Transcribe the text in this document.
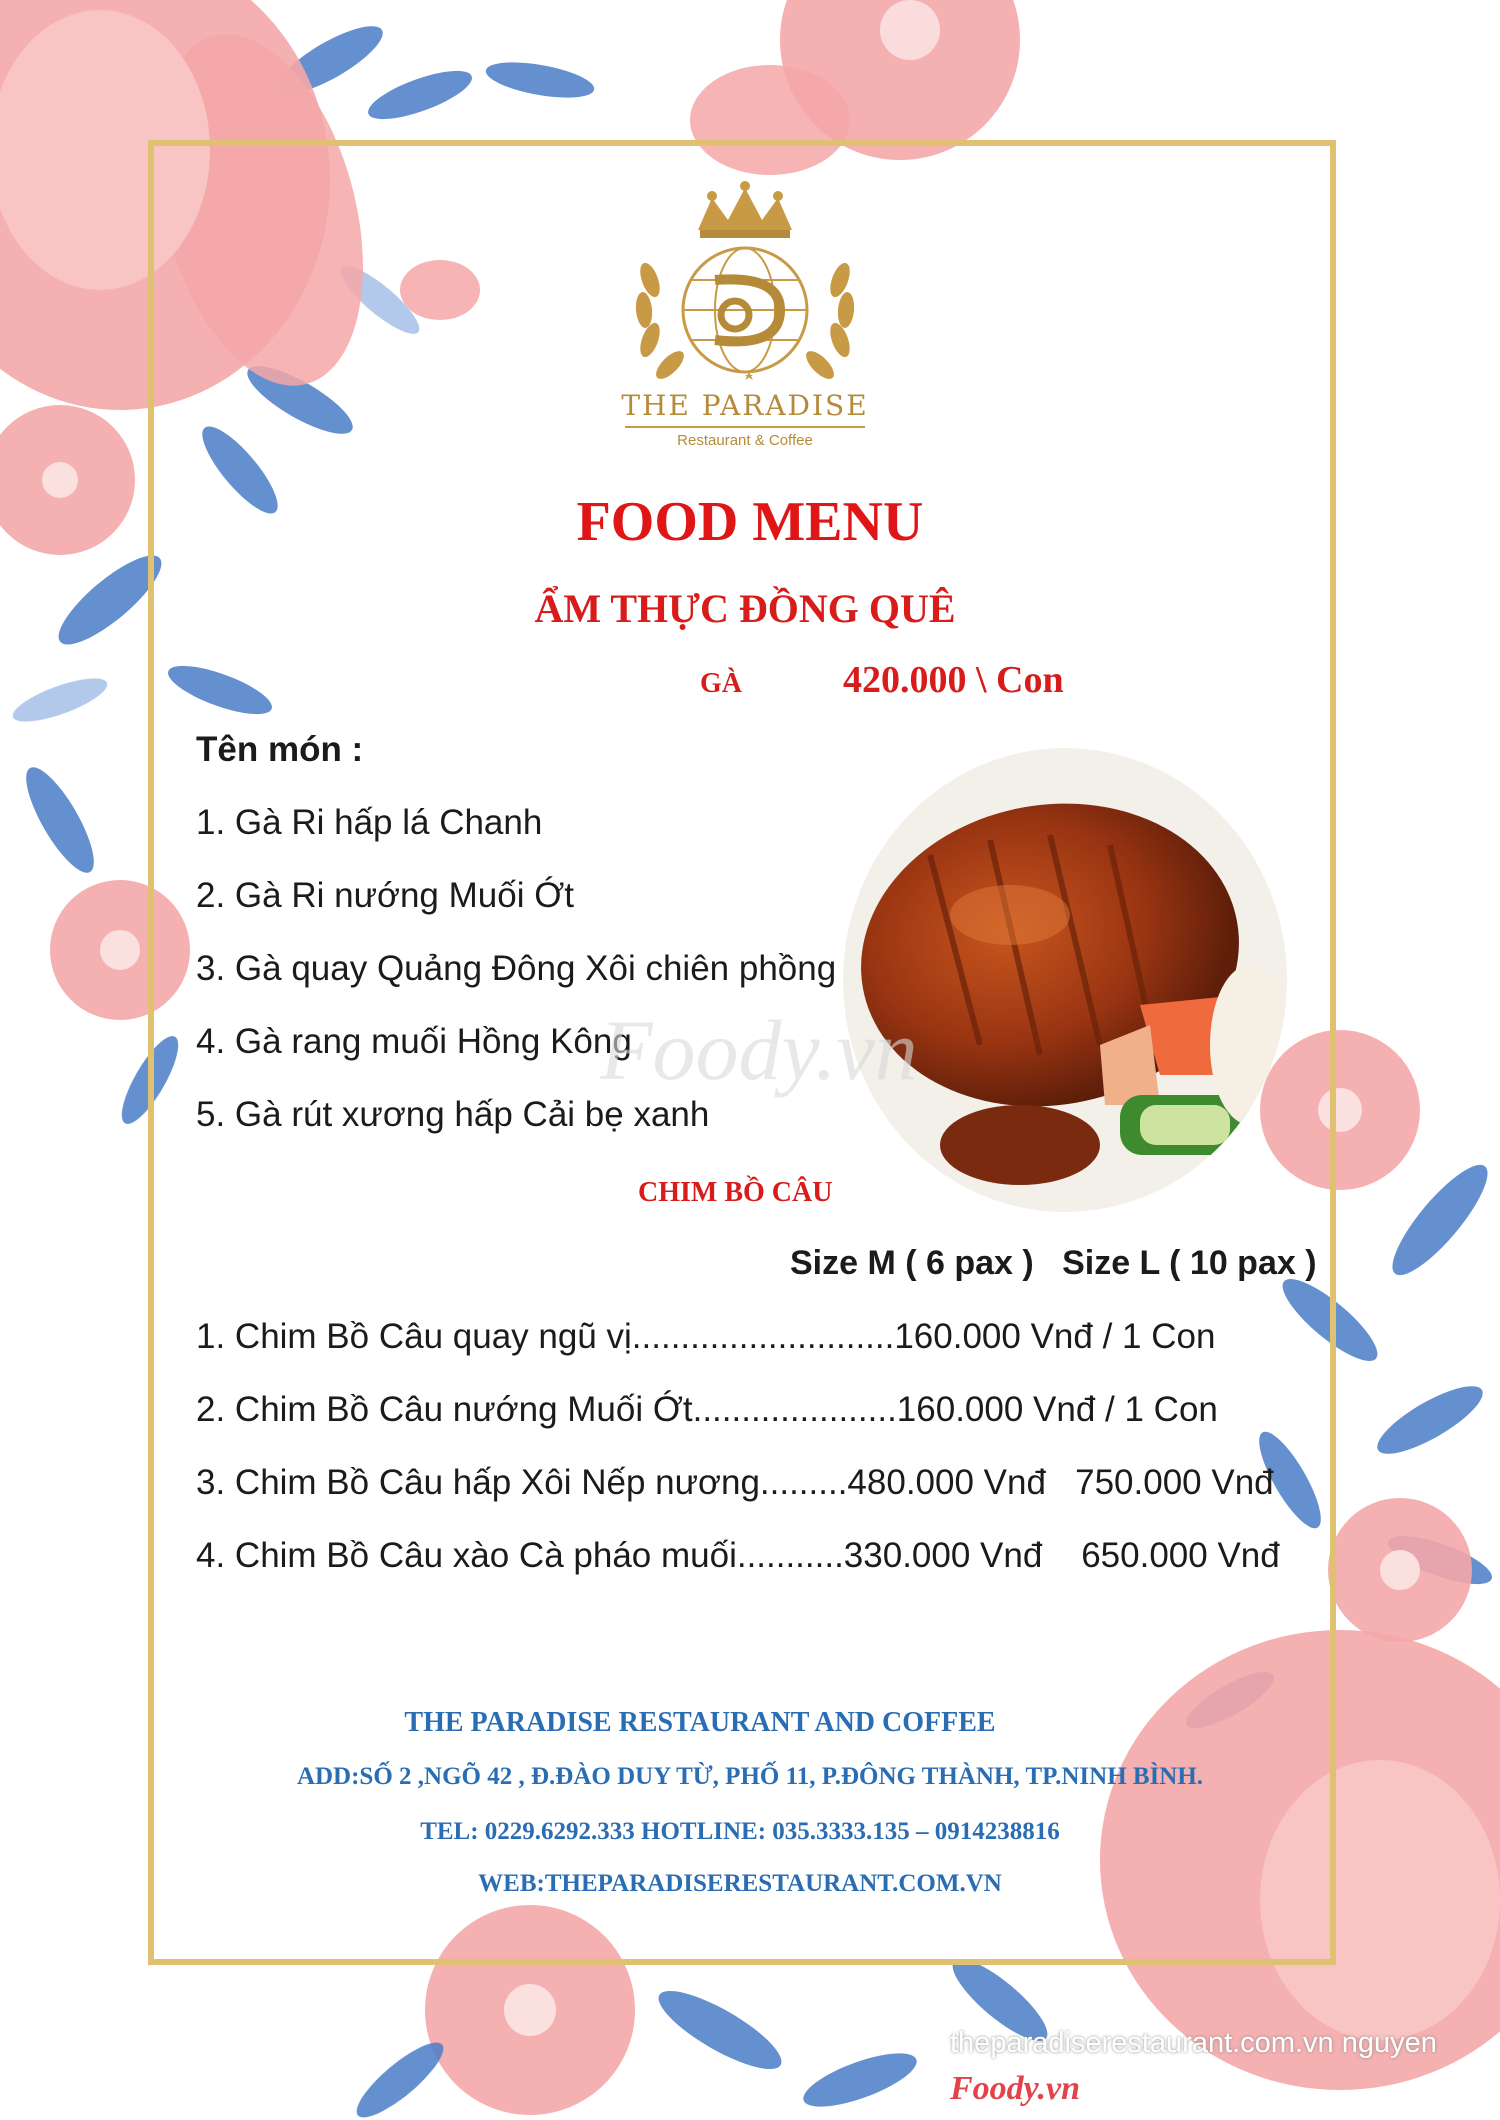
THE PARADISE
Restaurant & Coffee
FOOD MENU
ẨM THỰC ĐỒNG QUÊ
GÀ	420.000 \ Con
Tên món :
1. Gà Ri hấp lá Chanh
2. Gà Ri nướng Muối Ớt
3. Gà quay Quảng Đông Xôi chiên phồng
4. Gà rang muối Hồng Kông
5. Gà rút xương hấp Cải bẹ xanh
Foody.vn
CHIM BỒ CÂU
Size M ( 6 pax )   Size L ( 10 pax )
1. Chim Bồ Câu quay ngũ vị...........................160.000 Vnđ / 1 Con
2. Chim Bồ Câu nướng Muối Ớt.....................160.000 Vnđ / 1 Con
3. Chim Bồ Câu hấp Xôi Nếp nương.........480.000 Vnđ   750.000 Vnđ
4. Chim Bồ Câu xào Cà pháo muối...........330.000 Vnđ    650.000 Vnđ
THE PARADISE RESTAURANT AND COFFEE
ADD:SỐ 2 ,NGÕ 42 , Đ.ĐÀO DUY TỪ, PHỐ 11, P.ĐÔNG THÀNH, TP.NINH BÌNH.
TEL: 0229.6292.333 HOTLINE: 035.3333.135 – 0914238816
WEB:THEPARADISERESTAURANT.COM.VN
theparadiserestaurant.com.vn nguyen
Foody.vn
